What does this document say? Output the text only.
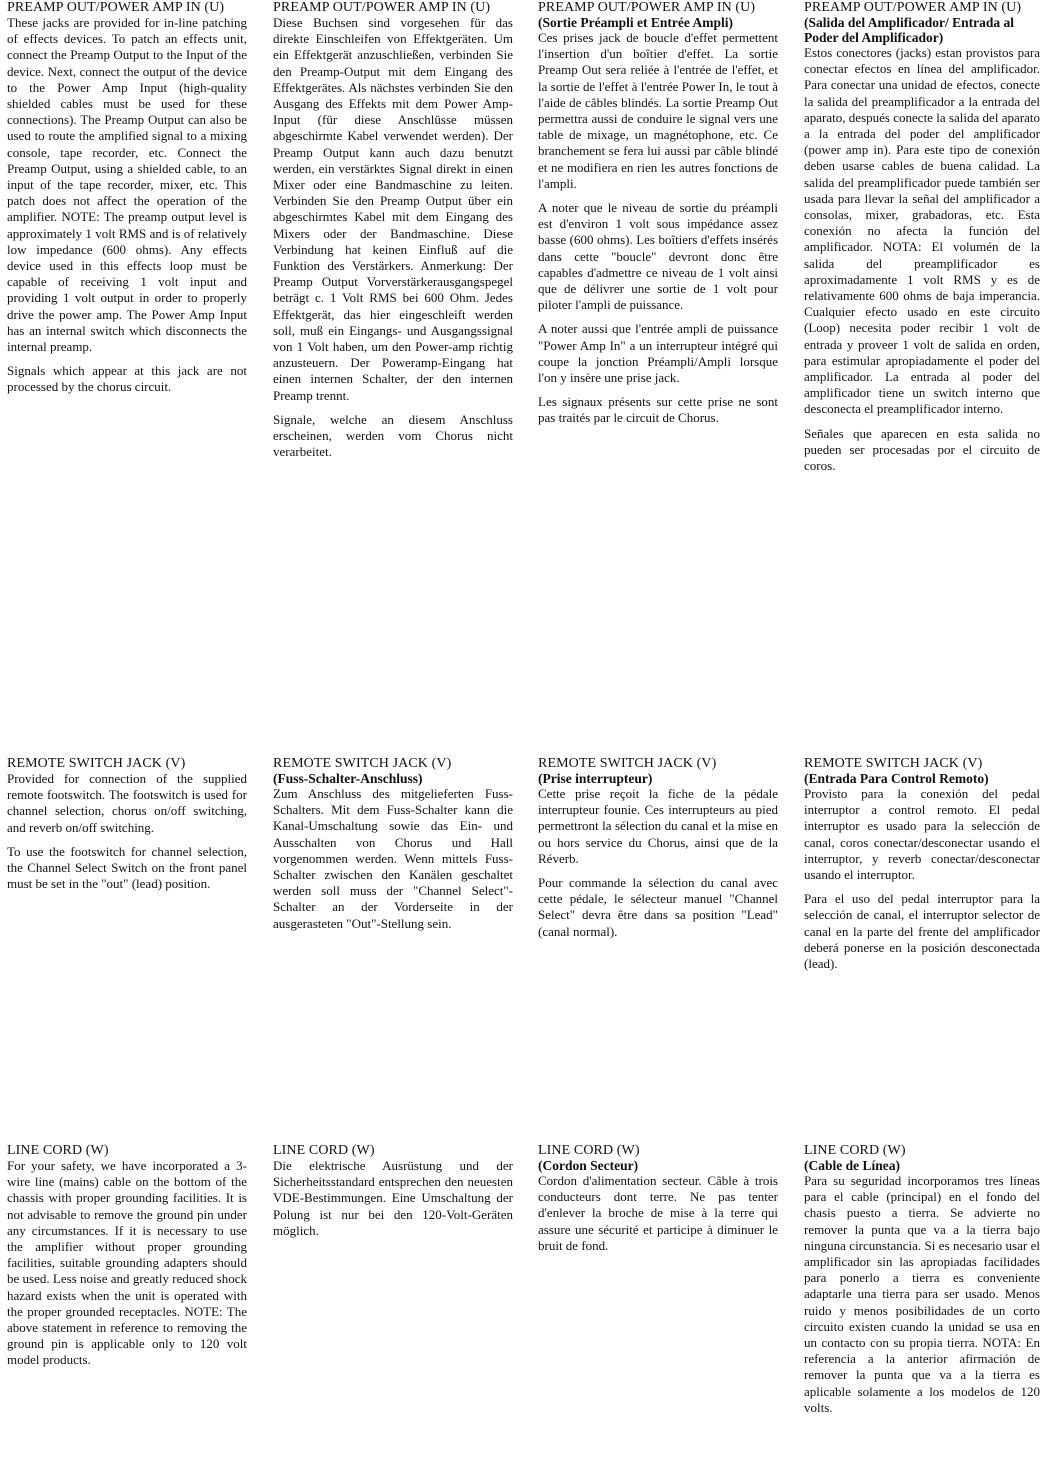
PREAMP OUT/POWER AMP IN (U)

These jacks are provided for in-line patching of effects devices. To patch an effects unit, connect the Preamp Output to the Input of the device. Next, connect the output of the device to the Power Amp Input (high-quality shielded cables must be used for these connections). The Preamp Output can also be used to route the amplified signal to a mixing console, tape recorder, etc. Connect the Preamp Output, using a shielded cable, to an input of the tape recorder, mixer, etc. This patch does not affect the operation of the amplifier. NOTE: The preamp output level is approximately 1 volt RMS and is of relatively low impedance (600 ohms). Any effects device used in this effects loop must be capable of receiving 1 volt input and providing 1 volt output in order to properly drive the power amp. The Power Amp Input has an internal switch which disconnects the internal preamp.

Signals which appear at this jack are not processed by the chorus circuit.

PREAMP OUT/POWER AMP IN (U)

Diese Buchsen sind vorgesehen für das direkte Einschleifen von Effektgeräten. Um ein Effektgerät anzuschließen, verbinden Sie den Preamp-Output mit dem Eingang des Effektgerätes. Als nächstes verbinden Sie den Ausgang des Effekts mit dem Power Amp-Input (für diese Anschlüsse müssen abgeschirmte Kabel verwendet werden). Der Preamp Output kann auch dazu benutzt werden, ein verstärktes Signal direkt in einen Mixer oder eine Bandmaschine zu leiten. Verbinden Sie den Preamp Output über ein abgeschirmtes Kabel mit dem Eingang des Mixers oder der Bandmaschine. Diese Verbindung hat keinen Einfluß auf die Funktion des Verstärkers. Anmerkung: Der Preamp Output Vorverstärkerausgangspegel beträgt c. 1 Volt RMS bei 600 Ohm. Jedes Effektgerät, das hier eingeschleift werden soll, muß ein Eingangs- und Ausgangssignal von 1 Volt haben, um den Power-amp richtig anzusteuern. Der Poweramp-Eingang hat einen internen Schalter, der den internen Preamp trennt.

Signale, welche an diesem Anschluss erscheinen, werden vom Chorus nicht verarbeitet.

PREAMP OUT/POWER AMP IN (U)
(Sortie Préampli et Entrée Ampli)

Ces prises jack de boucle d'effet permettent l'insertion d'un boîtier d'effet. La sortie Preamp Out sera reliée à l'entrée de l'effet, et la sortie de l'effet à l'entrée Power In, le tout à l'aide de câbles blindés. La sortie Preamp Out permettra aussi de conduire le signal vers une table de mixage, un magnétophone, etc. Ce branchement se fera lui aussi par câble blindé et ne modifiera en rien les autres fonctions de l'ampli.

A noter que le niveau de sortie du préampli est d'environ 1 volt sous impédance assez basse (600 ohms). Les boîtiers d'effets insérés dans cette "boucle" devront donc être capables d'admettre ce niveau de 1 volt ainsi que de délivrer une sortie de 1 volt pour piloter l'ampli de puissance.

A noter aussi que l'entrée ampli de puissance "Power Amp In" a un interrupteur intégré qui coupe la jonction Préampli/Ampli lorsque l'on y insère une prise jack.

Les signaux présents sur cette prise ne sont pas traités par le circuit de Chorus.

PREAMP OUT/POWER AMP IN (U)
(Salida del Amplificador/ Entrada al Poder del Amplificador)

Estos conectores (jacks) estan provistos para conectar efectos en línea del amplificador. Para conectar una unidad de efectos, conecte la salida del preamplificador a la entrada del aparato, después conecte la salida del aparato a la entrada del poder del amplificador (power amp in). Para este tipo de conexión deben usarse cables de buena calidad. La salida del preamplificador puede también ser usada para llevar la señal del amplificador a consolas, mixer, grabadoras, etc. Esta conexión no afecta la función del amplificador. NOTA: El volumén de la salida del preamplificador es aproximadamente 1 volt RMS y es de relativamente 600 ohms de baja imperancia. Cualquier efecto usado en este circuito (Loop) necesita poder recibir 1 volt de entrada y proveer 1 volt de salida en orden, para estimular apropiadamente el poder del amplificador. La entrada al poder del amplificador tiene un switch interno que desconecta el preamplificador interno.

Señales que aparecen en esta salida no pueden ser procesadas por el circuito de coros.

REMOTE SWITCH JACK (V)

Provided for connection of the supplied remote footswitch. The footswitch is used for channel selection, chorus on/off switching, and reverb on/off switching.

To use the footswitch for channel selection, the Channel Select Switch on the front panel must be set in the "out" (lead) position.

REMOTE SWITCH JACK (V)
(Fuss-Schalter-Anschluss)

Zum Anschluss des mitgelieferten Fuss-Schalters. Mit dem Fuss-Schalter kann die Kanal-Umschaltung sowie das Ein- und Ausschalten von Chorus und Hall vorgenommen werden. Wenn mittels Fuss-Schalter zwischen den Kanälen geschaltet werden soll muss der "Channel Select"-Schalter an der Vorderseite in der ausgerasteten "Out"-Stellung sein.

REMOTE SWITCH JACK (V)
(Prise interrupteur)

Cette prise reçoit la fiche de la pédale interrupteur founie. Ces interrupteurs au pied permettront la sélection du canal et la mise en ou hors service du Chorus, ainsi que de la Réverb.

Pour commande la sélection du canal avec cette pédale, le sélecteur manuel "Channel Select" devra être dans sa position "Lead" (canal normal).

REMOTE SWITCH JACK (V)
(Entrada Para Control Remoto)

Provisto para la conexión del pedal interruptor a control remoto. El pedal interruptor es usado para la selección de canal, coros conectar/desconectar usando el interruptor, y reverb conectar/desconectar usando el interruptor.

Para el uso del pedal interruptor para la selección de canal, el interruptor selector de canal en la parte del frente del amplificador deberá ponerse en la posición desconectada (lead).

LINE CORD (W)

For your safety, we have incorporated a 3-wire line (mains) cable on the bottom of the chassis with proper grounding facilities. It is not advisable to remove the ground pin under any circumstances. If it is necessary to use the amplifier without proper grounding facilities, suitable grounding adapters should be used. Less noise and greatly reduced shock hazard exists when the unit is operated with the proper grounded receptacles. NOTE: The above statement in reference to removing the ground pin is applicable only to 120 volt model products.

LINE CORD (W)

Die elektrische Ausrüstung und der Sicherheitsstandard entsprechen den neuesten VDE-Bestimmungen. Eine Umschaltung der Polung ist nur bei den 120-Volt-Geräten möglich.

LINE CORD (W)
(Cordon Secteur)

Cordon d'alimentation secteur. Câble à trois conducteurs dont terre. Ne pas tenter d'enlever la broche de mise à la terre qui assure une sécurité et participe à diminuer le bruit de fond.

LINE CORD (W)
(Cable de Línea)

Para su seguridad incorporamos tres líneas para el cable (principal) en el fondo del chasis puesto a tierra. Se advierte no remover la punta que va a la tierra bajo ninguna circunstancia. Si es necesario usar el amplificador sin las apropiadas facilidades para ponerlo a tierra es conveniente adaptarle una tierra para ser usado. Menos ruido y menos posibilidades de un corto circuito existen cuando la unidad se usa en un contacto con su propia tierra. NOTA: En referencia a la anterior afirmación de remover la punta que va a la tierra es aplicable solamente a los modelos de 120 volts.
